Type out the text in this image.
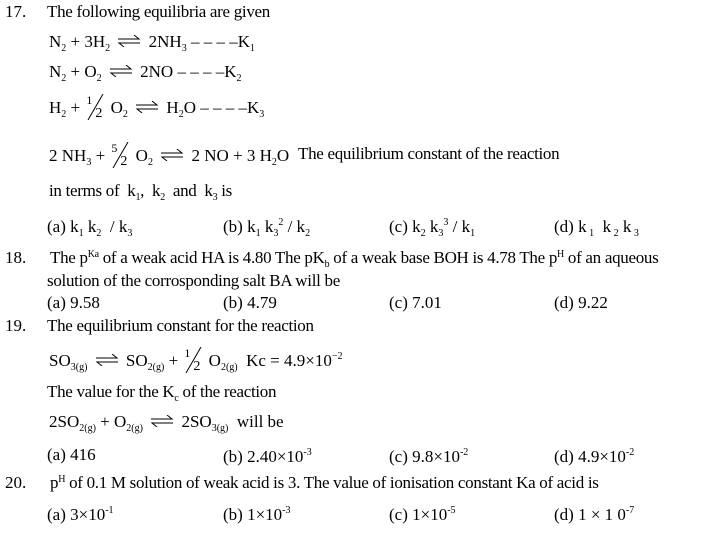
17. The following equilibria are given
$N_2 + 3H_2$ ⇌ $2NH_3$ – – – $-K_1$
$N_2 + O_2$ ⇌ 2NO – – – $-K_2$
$H_2 + 1$
2 $O_2$ ⇌ $H_2O$ – – – $-K_3$
2 $NH_3 + 5$
2 $O_2$ ⇌ 2 NO + 3 $H_2O$ The equilibrium constant of the reaction
in terms of  $k_1$,  $k_2$  and  $k_3$ is
(a) $k_1$ $k_2 / k_3$	(b) $k_1$ $k_3^2 / k_2$	(c) $k_2$ $k_3^3 / k_1$	(d) k $_1$  k $_2$ k $_3$
18. The $p^{Ka}$ of a weak acid HA is 4.80 The $pK_b$ of a weak base BOH is 4.78 The $p^H$ of an aqueous
solution of the corrosponding salt BA will be
(a) 9.58	(b) 4.79	(c) 7.01	(d) 9.22
19. The equilibrium constant for the reaction
$SO_{3(g)}$ ⇌ $SO_{2(g)} + 1$
2 $O_{2(g)}$  $Kc = 4.9\times 10^{-2}$
The value for the $K_c$ of the reaction
$2SO_{2(g)} + O_{2(g)}$ ⇌ $2SO_{3(g)}$ will be
(a) 416	(b) $2.40\times 10^{-3}$	(c) $9.8\times 10^{-2}$	(d) $4.9\times 10^{-2}$
20. $p^H$ of 0.1 M solution of weak acid is 3. The value of ionisation constant Ka of acid is
(a) $3\times 10^{-1}$	(b) $1\times 10^{-3}$	(c) $1\times 10^{-5}$	(d) 1 × 1 $0^{-7}$
